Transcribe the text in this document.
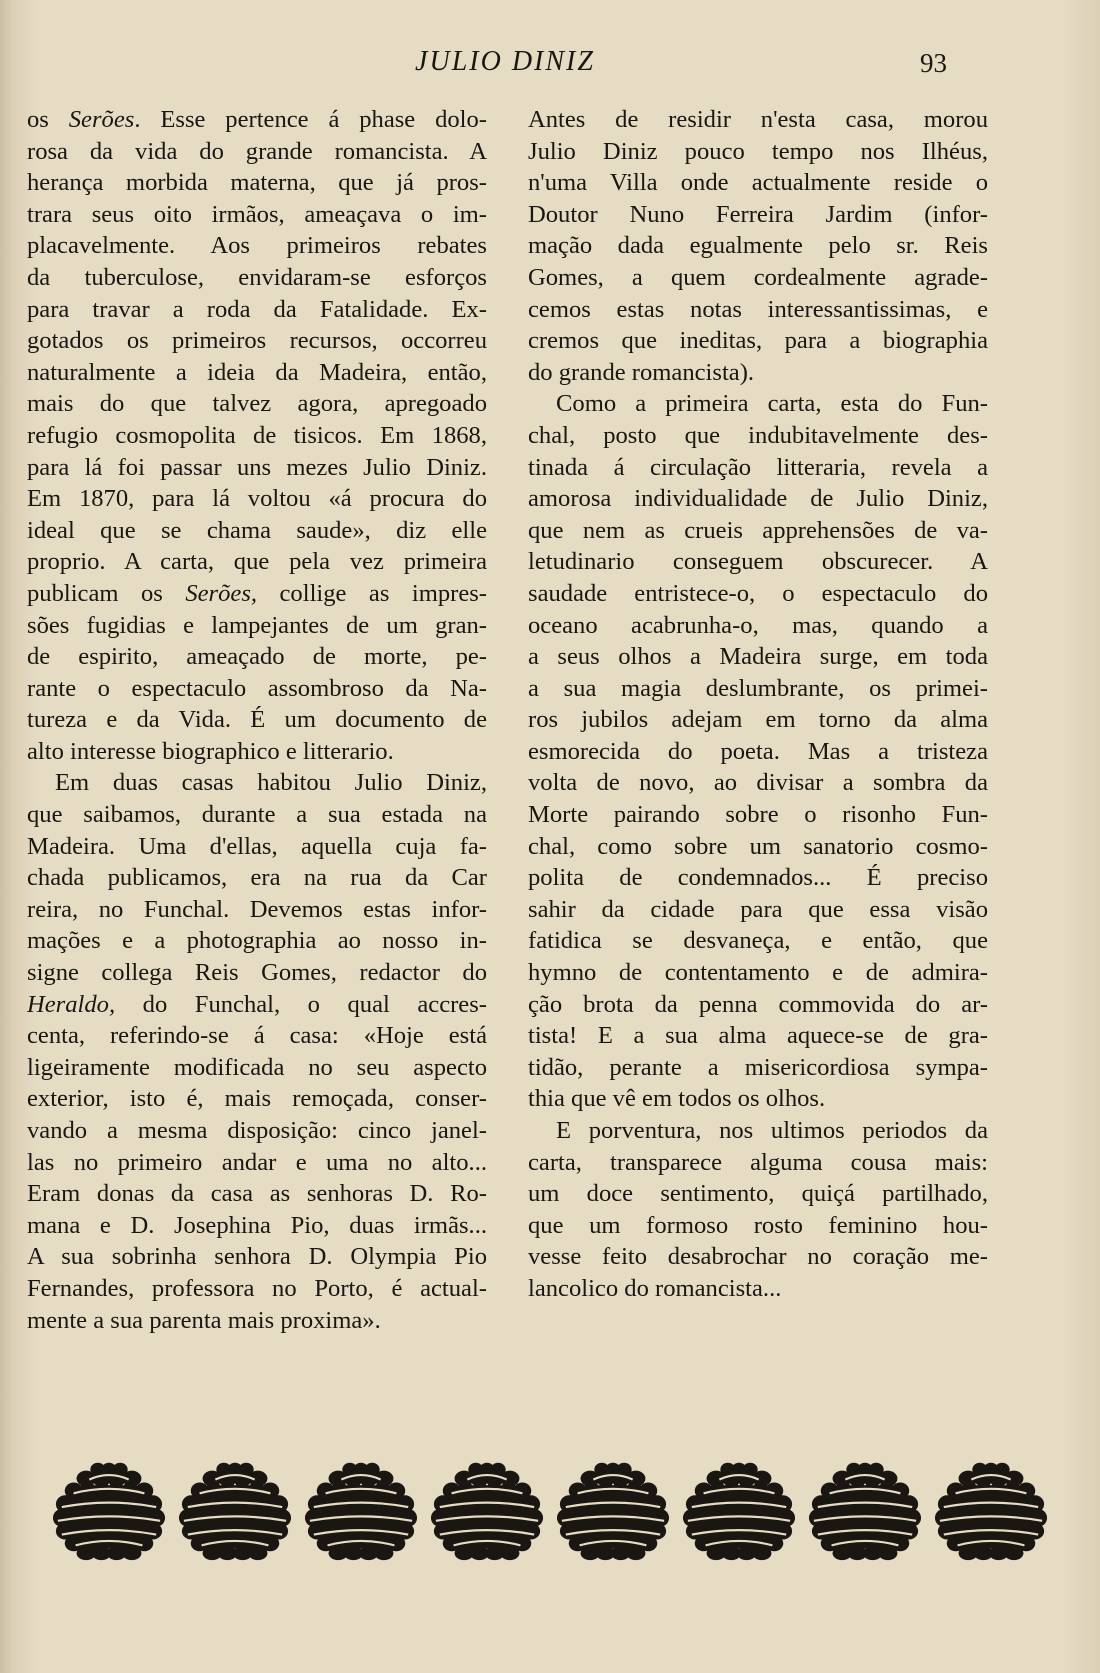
JULIO DINIZ	93
os Serões. Esse pertence á phase dolo-
rosa da vida do grande romancista. A
herança morbida materna, que já pros-
trara seus oito irmãos, ameaçava o im-
placavelmente. Aos primeiros rebates
da tuberculose, envidaram-se esforços
para travar a roda da Fatalidade. Ex-
gotados os primeiros recursos, occorreu
naturalmente a ideia da Madeira, então,
mais do que talvez agora, apregoado
refugio cosmopolita de tisicos. Em 1868,
para lá foi passar uns mezes Julio Diniz.
Em 1870, para lá voltou «á procura do
ideal que se chama saude», diz elle
proprio. A carta, que pela vez primeira
publicam os Serões, collige as impres-
sões fugidias e lampejantes de um gran-
de espirito, ameaçado de morte, pe-
rante o espectaculo assombroso da Na-
tureza e da Vida. É um documento de
alto interesse biographico e litterario.
Em duas casas habitou Julio Diniz,
que saibamos, durante a sua estada na
Madeira. Uma d'ellas, aquella cuja fa-
chada publicamos, era na rua da Car
reira, no Funchal. Devemos estas infor-
mações e a photographia ao nosso in-
signe collega Reis Gomes, redactor do
Heraldo, do Funchal, o qual accres-
centa, referindo-se á casa: «Hoje está
ligeiramente modificada no seu aspecto
exterior, isto é, mais remoçada, conser-
vando a mesma disposição: cinco janel-
las no primeiro andar e uma no alto...
Eram donas da casa as senhoras D. Ro-
mana e D. Josephina Pio, duas irmãs...
A sua sobrinha senhora D. Olympia Pio
Fernandes, professora no Porto, é actual-
mente a sua parenta mais proxima».
Antes de residir n'esta casa, morou
Julio Diniz pouco tempo nos Ilhéus,
n'uma Villa onde actualmente reside o
Doutor Nuno Ferreira Jardim (infor-
mação dada egualmente pelo sr. Reis
Gomes, a quem cordealmente agrade-
cemos estas notas interessantissimas, e
cremos que ineditas, para a biographia
do grande romancista).
Como a primeira carta, esta do Fun-
chal, posto que indubitavelmente des-
tinada á circulação litteraria, revela a
amorosa individualidade de Julio Diniz,
que nem as crueis apprehensões de va-
letudinario conseguem obscurecer. A
saudade entristece-o, o espectaculo do
oceano acabrunha-o, mas, quando a
a seus olhos a Madeira surge, em toda
a sua magia deslumbrante, os primei-
ros jubilos adejam em torno da alma
esmorecida do poeta. Mas a tristeza
volta de novo, ao divisar a sombra da
Morte pairando sobre o risonho Fun-
chal, como sobre um sanatorio cosmo-
polita de condemnados... É preciso
sahir da cidade para que essa visão
fatidica se desvaneça, e então, que
hymno de contentamento e de admira-
ção brota da penna commovida do ar-
tista! E a sua alma aquece-se de gra-
tidão, perante a misericordiosa sympa-
thia que vê em todos os olhos.
E porventura, nos ultimos periodos da
carta, transparece alguma cousa mais:
um doce sentimento, quiçá partilhado,
que um formoso rosto feminino hou-
vesse feito desabrochar no coração me-
lancolico do romancista...
